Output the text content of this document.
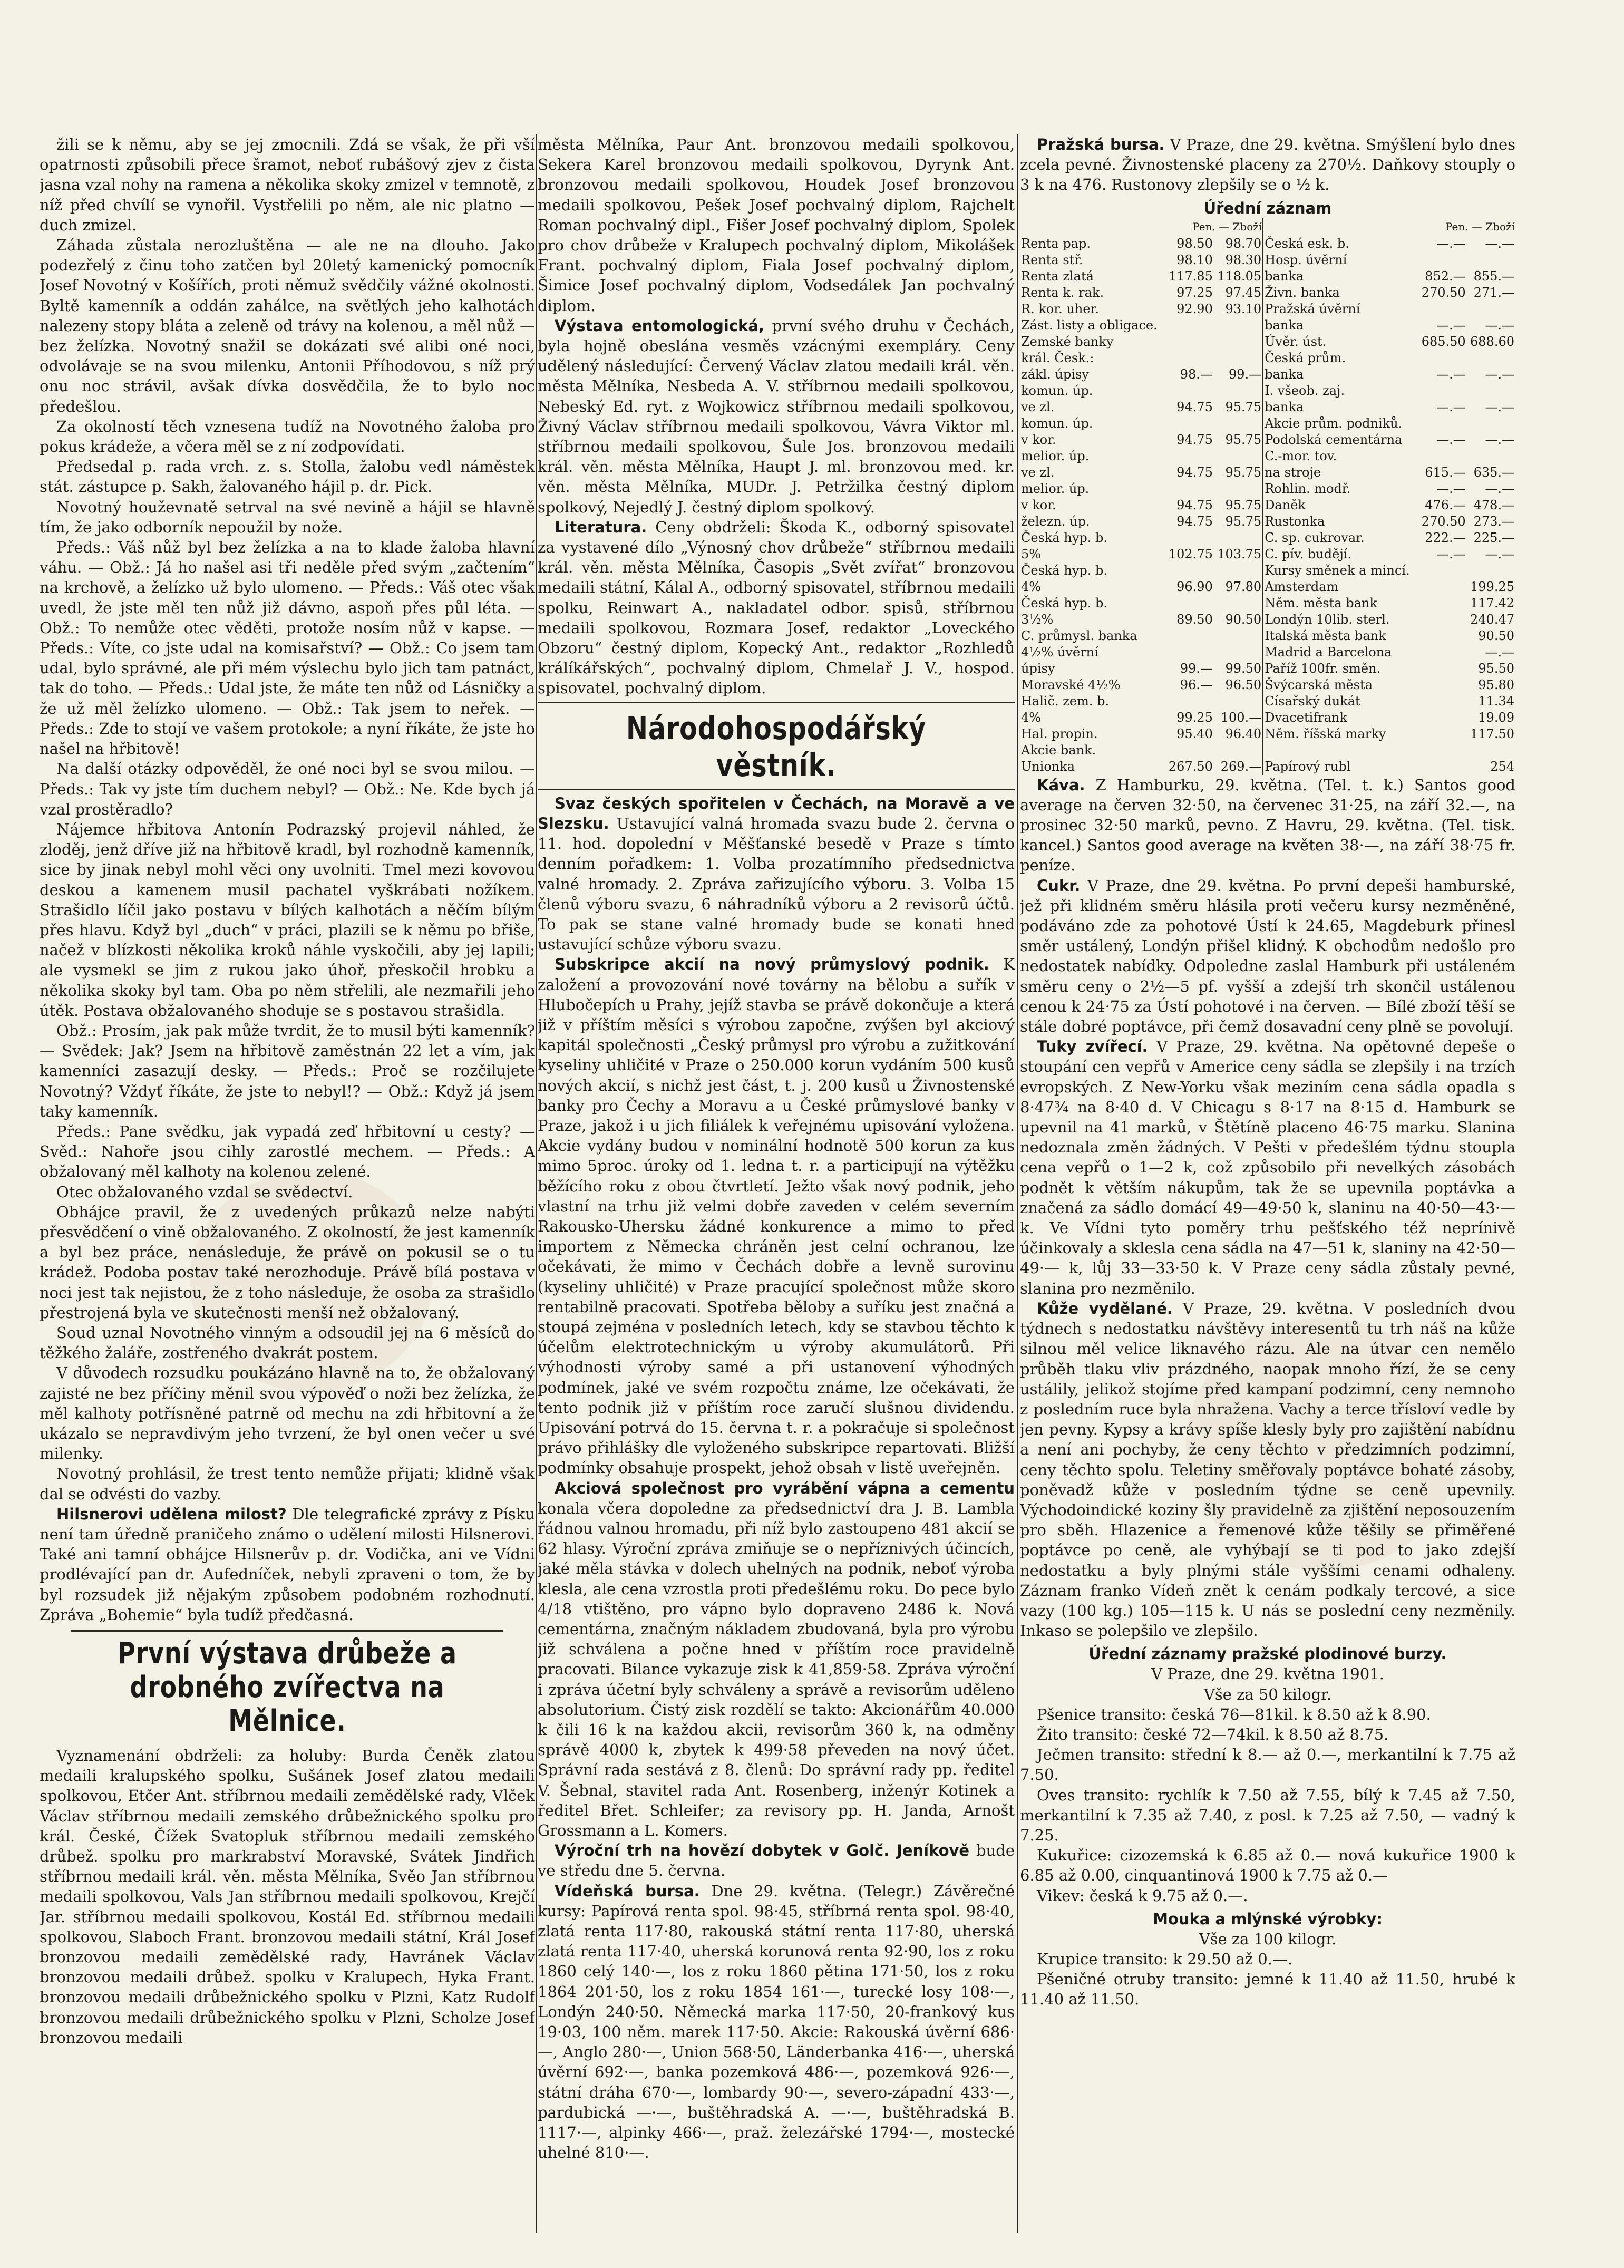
žili se k němu, aby se jej zmocnili. Zdá se však, že při vší opatrnosti způsobili přece šramot, neboť rubášový zjev z čista jasna vzal nohy na ramena a několika skoky zmizel v temnotě, z níž před chvílí se vynořil. Vystřelili po něm, ale nic platno — duch zmizel.
Záhada zůstala nerozluštěna — ale ne na dlouho. Jako podezřelý z činu toho zatčen byl 20letý kamenický pomocník Josef Novotný v Košířích, proti němuž svědčily vážné okolnosti. Byltě kamenník a oddán zahálce, na světlých jeho kalhotách nalezeny stopy bláta a zeleně od trávy na kolenou, a měl nůž — bez želízka. Novotný snažil se dokázati své alibi oné noci, odvolávaje se na svou milenku, Antonii Příhodovou, s níž prý onu noc strávil, avšak dívka dosvědčila, že to bylo noc předešlou.
Za okolností těch vznesena tudíž na Novotného žaloba pro pokus krádeže, a včera měl se z ní zodpovídati.
Předsedal p. rada vrch. z. s. Stolla, žalobu vedl náměstek stát. zástupce p. Sakh, žalovaného hájil p. dr. Pick.
Novotný houževnatě setrval na své nevině a hájil se hlavně tím, že jako odborník nepoužil by nože.
Předs.: Váš nůž byl bez želízka a na to klade žaloba hlavní váhu. — Obž.: Já ho našel asi tři neděle před svým „začtením“ na krchově, a želízko už bylo ulomeno. — Předs.: Váš otec však uvedl, že jste měl ten nůž již dávno, aspoň přes půl léta. — Obž.: To nemůže otec věděti, protože nosím nůž v kapse. — Předs.: Víte, co jste udal na komisařství? — Obž.: Co jsem tam udal, bylo správné, ale při mém výslechu bylo jich tam patnáct, tak do toho. — Předs.: Udal jste, že máte ten nůž od Lásničky a že už měl želízko ulomeno. — Obž.: Tak jsem to neřek. — Předs.: Zde to stojí ve vašem protokole; a nyní říkáte, že jste ho našel na hřbitově!
Na další otázky odpověděl, že oné noci byl se svou milou. — Předs.: Tak vy jste tím duchem nebyl? — Obž.: Ne. Kde bych já vzal prostěradlo?
Nájemce hřbitova Antonín Podrazský projevil náhled, že zloděj, jenž dříve již na hřbitově kradl, byl rozhodně kamenník, sice by jinak nebyl mohl věci ony uvolniti. Tmel mezi kovovou deskou a kamenem musil pachatel vyškrábati nožíkem. Strašidlo líčil jako postavu v bílých kalhotách a něčím bílým přes hlavu. Když byl „duch“ v práci, plazili se k němu po břiše, načež v blízkosti několika kroků náhle vyskočili, aby jej lapili; ale vysmekl se jim z rukou jako úhoř, přeskočil hrobku a několika skoky byl tam. Oba po něm střelili, ale nezmařili jeho útěk. Postava obžalovaného shoduje se s postavou strašidla.
Obž.: Prosím, jak pak může tvrdit, že to musil býti kamenník? — Svědek: Jak? Jsem na hřbitově zaměstnán 22 let a vím, jak kamenníci zasazují desky. — Předs.: Proč se rozčilujete Novotný? Vždyť říkáte, že jste to nebyl!? — Obž.: Když já jsem taky kamenník.
Předs.: Pane svědku, jak vypadá zeď hřbitovní u cesty? — Svěd.: Nahoře jsou cihly zarostlé mechem. — Předs.: A obžalovaný měl kalhoty na kolenou zelené.
Otec obžalovaného vzdal se svědectví.
Obhájce pravil, že z uvedených průkazů nelze nabýti přesvědčení o vině obžalovaného. Z okolností, že jest kamenník a byl bez práce, nenásleduje, že právě on pokusil se o tu krádež. Podoba postav také nerozhoduje. Právě bílá postava v noci jest tak nejistou, že z toho následuje, že osoba za strašidlo přestrojená byla ve skutečnosti menší než obžalovaný.
Soud uznal Novotného vinným a odsoudil jej na 6 měsíců do těžkého žaláře, zostřeného dvakrát postem.
V důvodech rozsudku poukázáno hlavně na to, že obžalovaný zajisté ne bez příčiny měnil svou výpověď o noži bez želízka, že měl kalhoty potřísněné patrně od mechu na zdi hřbitovní a že ukázalo se nepravdivým jeho tvrzení, že byl onen večer u své milenky.
Novotný prohlásil, že trest tento nemůže přijati; klidně však dal se odvésti do vazby.
Hilsnerovi udělena milost? Dle telegrafické zprávy z Písku není tam úředně praničeho známo o udělení milosti Hilsnerovi. Také ani tamní obhájce Hilsnerův p. dr. Vodička, ani ve Vídni prodlévající pan dr. Aufedníček, nebyli zpraveni o tom, že by byl rozsudek již nějakým způsobem podobném rozhodnutí. Zpráva „Bohemie“ byla tudíž předčasná.
První výstava drůbeže a drobného zvířectva na Mělnice.
Vyznamenání obdrželi: za holuby: Burda Čeněk zlatou medaili kralupského spolku, Sušánek Josef zlatou medaili spolkovou, Etčer Ant. stříbrnou medaili zemědělské rady, Vlček Václav stříbrnou medaili zemského drůbežnického spolku pro král. České, Čížek Svatopluk stříbrnou medaili zemského drůbež. spolku pro markrabství Moravské, Svátek Jindřich stříbrnou medaili král. věn. města Mělníka, Svěo Jan stříbrnou medaili spolkovou, Vals Jan stříbrnou medaili spolkovou, Krejčí Jar. stříbrnou medaili spolkovou, Kostál Ed. stříbrnou medaili spolkovou, Slaboch Frant. bronzovou medaili státní, Král Josef bronzovou medaili zemědělské rady, Havránek Václav bronzovou medaili drůbež. spolku v Kralupech, Hyka Frant. bronzovou medaili drůbežnického spolku v Plzni, Katz Rudolf bronzovou medaili drůbežnického spolku v Plzni, Scholze Josef bronzovou medaili
města Mělníka, Paur Ant. bronzovou medaili spolkovou, Sekera Karel bronzovou medaili spolkovou, Dyrynk Ant. bronzovou medaili spolkovou, Houdek Josef bronzovou medaili spolkovou, Pešek Josef pochvalný diplom, Rajchelt Roman pochvalný dipl., Fišer Josef pochvalný diplom, Spolek pro chov drůbeže v Kralupech pochvalný diplom, Mikolášek Frant. pochvalný diplom, Fiala Josef pochvalný diplom, Šimice Josef pochvalný diplom, Vodsedálek Jan pochvalný diplom.
Výstava entomologická, první svého druhu v Čechách, byla hojně obeslána vesměs vzácnými exempláry. Ceny udělený následující: Červený Václav zlatou medaili král. věn. města Mělníka, Nesbeda A. V. stříbrnou medaili spolkovou, Nebeský Ed. ryt. z Wojkowicz stříbrnou medaili spolkovou, Živný Václav stříbrnou medaili spolkovou, Vávra Viktor ml. stříbrnou medaili spolkovou, Šule Jos. bronzovou medaili král. věn. města Mělníka, Haupt J. ml. bronzovou med. kr. věn. města Mělníka, MUDr. J. Petržilka čestný diplom spolkový, Nejedlý J. čestný diplom spolkový.
Literatura. Ceny obdrželi: Škoda K., odborný spisovatel za vystavené dílo „Výnosný chov drůbeže“ stříbrnou medaili král. věn. města Mělníka, Časopis „Svět zvířat“ bronzovou medaili státní, Kálal A., odborný spisovatel, stříbrnou medaili spolku, Reinwart A., nakladatel odbor. spisů, stříbrnou medaili spolkovou, Rozmara Josef, redaktor „Loveckého Obzoru“ čestný diplom, Kopecký Ant., redaktor „Rozhledů králíkářských“, pochvalný diplom, Chmelař J. V., hospod. spisovatel, pochvalný diplom.
Národohospodářský věstník.
Svaz českých spořitelen v Čechách, na Moravě a ve Slezsku. Ustavující valná hromada svazu bude 2. června o 11. hod. dopolední v Měšťanské besedě v Praze s tímto denním pořadkem: 1. Volba prozatímního předsednictva valné hromady. 2. Zpráva zařizujícího výboru. 3. Volba 15 členů výboru svazu, 6 náhradníků výboru a 2 revisorů účtů. To pak se stane valné hromady bude se konati hned ustavující schůze výboru svazu.
Subskripce akcií na nový průmyslový podnik. K založení a provozování nové továrny na bělobu a suřík v Hlubočepích u Prahy, jejíž stavba se právě dokončuje a která již v příštím měsíci s výrobou započne, zvýšen byl akciový kapitál společnosti „Český průmysl pro výrobu a zužitkování kyseliny uhličité v Praze o 250.000 korun vydáním 500 kusů nových akcií, s nichž jest část, t. j. 200 kusů u Živnostenské banky pro Čechy a Moravu a u České průmyslové banky v Praze, jakož i u jich filiálek k veřejnému upisování vyložena. Akcie vydány budou v nominální hodnotě 500 korun za kus mimo 5proc. úroky od 1. ledna t. r. a participují na výtěžku běžícího roku z obou čtvrtletí. Ježto však nový podnik, jeho vlastní na trhu již velmi dobře zaveden v celém severním Rakousko-Uhersku žádné konkurence a mimo to před importem z Německa chráněn jest celní ochranou, lze očekávati, že mimo v Čechách dobře a levně surovinu (kyseliny uhličité) v Praze pracující společnost může skoro rentabilně pracovati. Spotřeba běloby a suříku jest značná a stoupá zejména v posledních letech, kdy se stavbou těchto k účelům elektrotechnickým u výroby akumulátorů. Při výhodnosti výroby samé a při ustanovení výhodných podmínek, jaké ve svém rozpočtu známe, lze očekávati, že tento podnik již v příštím roce zaručí slušnou dividendu. Upisování potrvá do 15. června t. r. a pokračuje si společnost právo přihlášky dle vyloženého subskripce repartovati. Bližší podmínky obsahuje prospekt, jehož obsah v listě uveřejněn.
Akciová společnost pro vyrábění vápna a cementu konala včera dopoledne za předsednictví dra J. B. Lambla řádnou valnou hromadu, při níž bylo zastoupeno 481 akcií se 62 hlasy. Výroční zpráva zmiňuje se o nepříznivých účincích, jaké měla stávka v dolech uhelných na podnik, neboť výroba klesla, ale cena vzrostla proti předešlému roku. Do pece bylo 4/18 vtištěno, pro vápno bylo dopraveno 2486 k. Nová cementárna, značným nákladem zbudovaná, byla pro výrobu již schválena a počne hned v příštím roce pravidelně pracovati. Bilance vykazuje zisk k 41,859·58. Zpráva výroční i zpráva účetní byly schváleny a správě a revisorům uděleno absolutorium. Čistý zisk rozdělí se takto: Akcionářům 40.000 k čili 16 k na každou akcii, revisorům 360 k, na odměny správě 4000 k, zbytek k 499·58 převeden na nový účet. Správní rada sestává z 8. členů: Do správní rady pp. ředitel V. Šebnal, stavitel rada Ant. Rosenberg, inženýr Kotinek a ředitel Břet. Schleifer; za revisory pp. H. Janda, Arnošt Grossmann a L. Komers.
Výroční trh na hovězí dobytek v Golč. Jeníkově bude ve středu dne 5. června.
Vídeňská bursa. Dne 29. května. (Telegr.) Závěrečné kursy: Papírová renta spol. 98·45, stříbrná renta spol. 98·40, zlatá renta 117·80, rakouská státní renta 117·80, uherská zlatá renta 117·40, uherská korunová renta 92·90, los z roku 1860 celý 140·—, los z roku 1860 pětina 171·50, los z roku 1864 201·50, los z roku 1854 161·—, turecké losy 108·—, Londýn 240·50. Německá marka 117·50, 20-frankový kus 19·03, 100 něm. marek 117·50. Akcie: Rakouská úvěrní 686·—, Anglo 280·—, Union 568·50, Länderbanka 416·—, uherská úvěrní 692·—, banka pozemková 486·—, pozemková 926·—, státní dráha 670·—, lombardy 90·—, severo-západní 433·—, pardubická —·—, buštěhradská A. —·—, buštěhradská B. 1117·—, alpinky 466·—, praž. železářské 1794·—, mostecké uhelné 810·—.
Pražská bursa. V Praze, dne 29. května. Smýšlení bylo dnes zcela pevné. Živnostenské placeny za 270½. Daňkovy stouply o 3 k na 476. Rustonovy zlepšily se o ½ k.
Úřední záznam
	Pen. — Zboží			Pen. — Zboží	
Renta pap.	98.50	98.70	Česká esk. b.	—.—	—.—
Renta stř.	98.10	98.30	Hosp. úvěrní		
Renta zlatá	117.85	118.05	banka	852.—	855.—
Renta k. rak.	97.25	97.45	Živn. banka	270.50	271.—
R. kor. uher.	92.90	93.10	Pražská úvěrní		
Zást. listy a obligace.			banka	—.—	—.—
Zemské banky			Úvěr. úst.	685.50	688.60
král. Česk.:			Česká prům.		
zákl. úpisy	98.—	99.—	banka	—.—	—.—
komun. úp.			I. všeob. zaj.		
ve zl.	94.75	95.75	banka	—.—	—.—
komun. úp.			Akcie prům. podniků.		
v kor.	94.75	95.75	Podolská cementárna	—.—	—.—
melior. úp.			C.-mor. tov.		
ve zl.	94.75	95.75	na stroje	615.—	635.—
melior. úp.			Rohlin. modř.	—.—	—.—
v kor.	94.75	95.75	Daněk	476.—	478.—
železn. úp.	94.75	95.75	Rustonka	270.50	273.—
Česká hyp. b.			C. sp. cukrovar.	222.—	225.—
5%	102.75	103.75	C. pív. budějí.	—.—	—.—
Česká hyp. b.			Kursy směnek a mincí.		
4%	96.90	97.80	Amsterdam		199.25
Česká hyp. b.			Něm. města bank		117.42
3½%	89.50	90.50	Londýn 10lib. sterl.		240.47
C. průmysl. banka			Italská města bank		90.50
4½% úvěrní			Madrid a Barcelona		—.—
úpisy	99.—	99.50	Paříž 100fr. směn.		95.50
Moravské 4½%	96.—	96.50	Švýcarská města		95.80
Halič. zem. b.			Císařský dukát		11.34
4%	99.25	100.—	Dvacetifrank		19.09
Hal. propin.	95.40	96.40	Něm. říšská marky		117.50
Akcie bank.					
Unionka	267.50	269.—	Papírový rubl		254
Káva. Z Hamburku, 29. května. (Tel. t. k.) Santos good average na červen 32·50, na červenec 31·25, na září 32.—, na prosinec 32·50 marků, pevno. Z Havru, 29. května. (Tel. tisk. kancel.) Santos good average na květen 38·—, na září 38·75 fr. peníze.
Cukr. V Praze, dne 29. května. Po první depeši hamburské, jež při klidném směru hlásila proti večeru kursy nezměněné, podáváno zde za pohotové Ústí k 24.65, Magdeburk přinesl směr ustálený, Londýn přišel klidný. K obchodům nedošlo pro nedostatek nabídky. Odpoledne zaslal Hamburk při ustáleném směru ceny o 2½—5 pf. vyšší a zdejší trh skončil ustálenou cenou k 24·75 za Ústí pohotové i na červen. — Bílé zboží těší se stále dobré poptávce, při čemž dosavadní ceny plně se povolují.
Tuky zvířecí. V Praze, 29. května. Na opětovné depeše o stoupání cen vepřů v Americe ceny sádla se zlepšily i na trzích evropských. Z New-Yorku však meziním cena sádla opadla s 8·47¾ na 8·40 d. V Chicagu s 8·17 na 8·15 d. Hamburk se upevnil na 41 marků, v Štětíně placeno 46·75 marku. Slanina nedoznala změn žádných. V Pešti v předešlém týdnu stoupla cena vepřů o 1—2 k, což způsobilo při nevelkých zásobách podnět k větším nákupům, tak že se upevnila poptávka a značená za sádlo domácí 49—49·50 k, slaninu na 40·50—43·— k. Ve Vídni tyto poměry trhu pešťského též neprínivě účinkovaly a sklesla cena sádla na 47—51 k, slaniny na 42·50—49·— k, lůj 33—33·50 k. V Praze ceny sádla zůstaly pevné, slanina pro nezměnilo.
Kůže vydělané. V Praze, 29. května. V posledních dvou týdnech s nedostatku návštěvy interesentů tu trh náš na kůže silnou měl velice liknavého rázu. Ale na útvar cen nemělo průběh tlaku vliv prázdného, naopak mnoho řízí, že se ceny ustálily, jelikož stojíme před kampaní podzimní, ceny nemnoho z posledním ruce byla nhražena. Vachy a terce třísloví vedle by jen pevny. Kypsy a krávy spíše klesly byly pro zajištění nabídnu a není ani pochyby, že ceny těchto v předzimních podzimní, ceny těchto spolu. Teletiny směřovaly poptávce bohaté zásoby, poněvadž kůže v posledním týdne se ceně upevnily. Východoindické koziny šly pravidelně za zjištění neposouzením pro sběh. Hlazenice a řemenové kůže těšily se přiměřené poptávce po ceně, ale vyhýbají se ti pod to jako zdejší nedostatku a byly plnými stále vyššími cenami odhaleny. Záznam franko Vídeň znět k cenám podkaly tercové, a sice vazy (100 kg.) 105—115 k. U nás se poslední ceny nezměnily. Inkaso se polepšilo ve zlepšilo.
Úřední záznamy pražské plodinové burzy.
V Praze, dne 29. května 1901.
Vše za 50 kilogr.
Pšenice transito: česká 76—81kil. k 8.50 až k 8.90.
Žito transito: české 72—74kil. k 8.50 až 8.75.
Ječmen transito: střední k 8.— až 0.—, merkantilní k 7.75 až 7.50.
Oves transito: rychlík k 7.50 až 7.55, bílý k 7.45 až 7.50, merkantilní k 7.35 až 7.40, z posl. k 7.25 až 7.50, — vadný k 7.25.
Kukuřice: cizozemská k 6.85 až 0.— nová kukuřice 1900 k 6.85 až 0.00, cinquantinová 1900 k 7.75 až 0.—
Vikev: česká k 9.75 až 0.—.
Mouka a mlýnské výrobky:
Vše za 100 kilogr.
Krupice transito: k 29.50 až 0.—.
Pšeničné otruby transito: jemné k 11.40 až 11.50, hrubé k 11.40 až 11.50.
